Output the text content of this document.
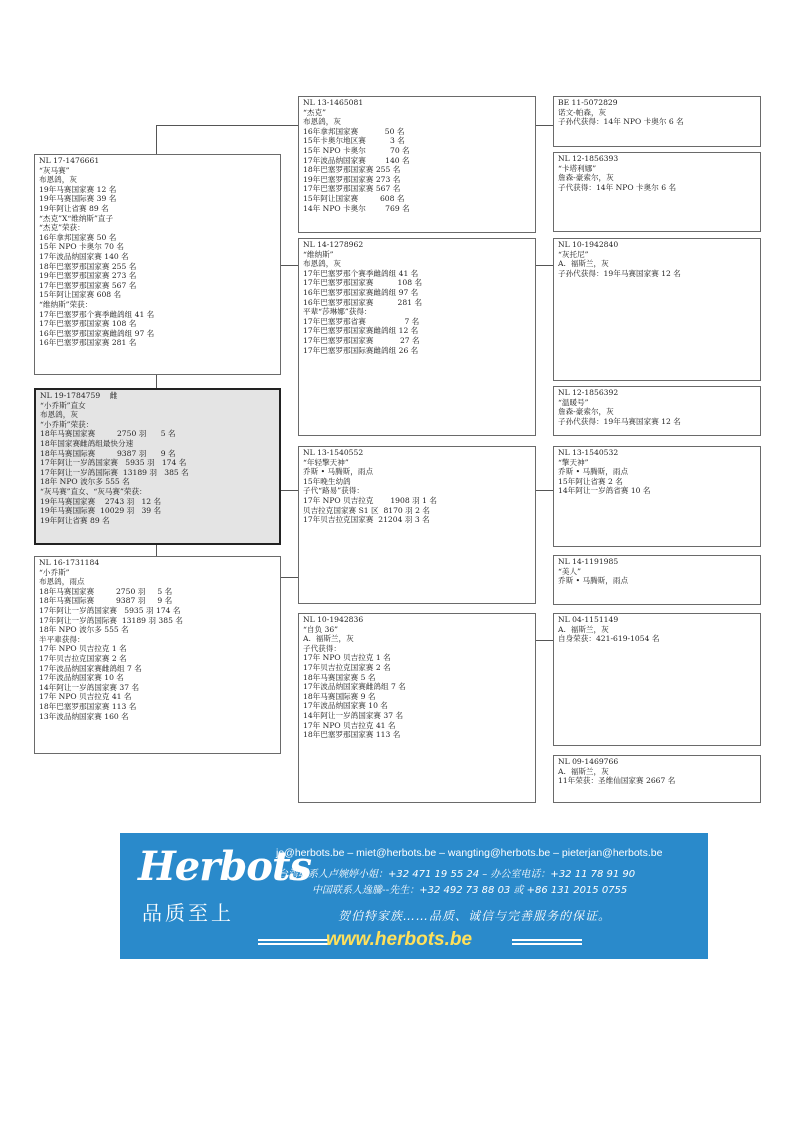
NL 17-1476661
“灰马赛”
布恩鸽，灰
19年马赛国家赛 12 名
19年马赛国际赛 39 名
19年阿让省赛 89 名
“杰克”X“维纳斯”直子
“杰克”荣获：
16年拿邦国家赛 50 名
15年 NPO 卡奥尔 70 名
17年波品纳国家赛 140 名
18年巴塞罗那国家赛 255 名
19年巴塞罗那国家赛 273 名
17年巴塞罗那国家赛 567 名
15年阿让国家赛 608 名
“维纳斯”荣获：
17年巴塞罗那个赛季雌鸽组 41 名
17年巴塞罗那国家赛 108 名
16年巴塞罗那国家赛雌鸽组 97 名
16年巴塞罗那国家赛 281 名
NL 19-1784759    雌
“小乔斯”直女
布恩鸽，灰
“小乔斯”荣获：
18年马赛国家赛         2750 羽      5 名
18年国家赛雌鸽组最快分速
18年马赛国际赛         9387 羽      9 名
17年阿让一岁鸽国家赛   5935 羽   174 名
17年阿让一岁鸽国际赛  13189 羽   385 名
18年 NPO 波尔多 555 名
“灰马赛”直女、“灰马赛”荣获：
19年马赛国家赛    2743 羽   12 名
19年马赛国际赛  10029 羽   39 名
19年阿让省赛 89 名
NL 16-1731184
“小乔斯”
布恩鸽，雨点
18年马赛国家赛         2750 羽     5 名
18年马赛国际赛         9387 羽     9 名
17年阿让一岁鸽国家赛   5935 羽 174 名
17年阿让一岁鸽国际赛  13189 羽 385 名
18年 NPO 波尔多 555 名
半平辈获得：
17年 NPO 贝吉拉克 1 名
17年贝吉拉克国家赛 2 名
17年波品纳国家赛雌鸽组 7 名
17年波品纳国家赛 10 名
14年阿让一岁鸽国家赛 37 名
17年 NPO 贝吉拉克 41 名
18年巴塞罗那国家赛 113 名
13年波品纳国家赛 160 名
NL 13-1465081
“杰克”
布恩鸽，灰
16年拿邦国家赛           50 名
15年卡奥尔地区赛          3 名
15年 NPO 卡奥尔          70 名
17年波品纳国家赛        140 名
18年巴塞罗那国家赛 255 名
19年巴塞罗那国家赛 273 名
17年巴塞罗那国家赛 567 名
15年阿让国家赛         608 名
14年 NPO 卡奥尔        769 名
NL 14-1278962
“维纳斯”
布恩鸽，灰
17年巴塞罗那个赛季雌鸽组 41 名
17年巴塞罗那国家赛          108 名
16年巴塞罗那国家赛雌鸽组 97 名
16年巴塞罗那国家赛          281 名
平辈“莎琳娜”获得：
17年巴塞罗那省赛                7 名
17年巴塞罗那国家赛雌鸽组 12 名
17年巴塞罗那国家赛           27 名
17年巴塞罗那国际赛雌鸽组 26 名
NL 13-1540552
“年轻擎天神”
乔斯 • 马腾斯，雨点
15年晚生幼鸽
子代“路易”获得：
17年 NPO 贝吉拉克       1908 羽 1 名
贝吉拉克国家赛 S1 区  8170 羽 2 名
17年贝吉拉克国家赛  21204 羽 3 名
NL 10-1942836
“自负 36”
A.  福斯兰，灰
子代获得：
17年 NPO 贝吉拉克 1 名
17年贝吉拉克国家赛 2 名
18年马赛国家赛 5 名
17年波品纳国家赛雌鸽组 7 名
18年马赛国际赛 9 名
17年波品纳国家赛 10 名
14年阿让一岁鸽国家赛 37 名
17年 NPO 贝吉拉克 41 名
18年巴塞罗那国家赛 113 名
BE 11-5072829
诺文-帕森，灰
子孙代获得：14年 NPO 卡奥尔 6 名
NL 12-1856393
“卡塔利娜”
詹森-豪索尔，灰
子代获得：14年 NPO 卡奥尔 6 名
NL 10-1942840
“灰托尼”
A.  福斯兰，灰
子孙代获得：19年马赛国家赛 12 名
NL 12-1856392
“温暖号”
詹森-豪索尔，灰
子孙代获得：19年马赛国家赛 12 名
NL 13-1540532
“擎天神”
乔斯 • 马腾斯，雨点
15年阿让省赛 2 名
14年阿让一岁鸽省赛 10 名
NL 14-1191985
“美人”
乔斯 • 马腾斯，雨点
NL 04-1151149
A.  福斯兰，灰
自身荣获：421-619-1054 名
NL 09-1469766
A.  福斯兰，灰
11年荣获：圣维仙国家赛 2667 名
Herbots
品质至上
jo@herbots.be – miet@herbots.be – wangting@herbots.be – pieterjan@herbots.be
台湾联系人卢婉婷小姐：+32 471 19 55 24 – 办公室电话：+32 11 78 91 90
中国联系人逸騰--先生：+32 492 73 88 03 或 +86 131 2015 0755
贺伯特家族……品质、诚信与完善服务的保证。
www.herbots.be
